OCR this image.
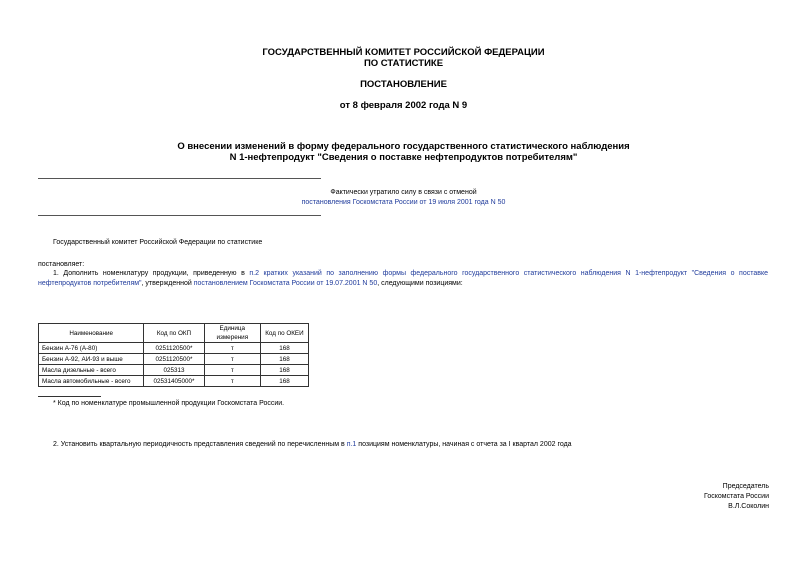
ГОСУДАРСТВЕННЫЙ КОМИТЕТ РОССИЙСКОЙ ФЕДЕРАЦИИ
ПО СТАТИСТИКЕ
ПОСТАНОВЛЕНИЕ
от 8 февраля 2002 года N 9
О внесении изменений в форму федерального государственного статистического наблюдения
N 1-нефтепродукт "Сведения о поставке нефтепродуктов потребителям"
Фактически утратило силу в связи с отменой
постановления Госкомстата России от 19 июля 2001 года N 50
Государственный комитет Российской Федерации по статистике
постановляет:
1. Дополнить номенклатуру продукции, приведенную в п.2 кратких указаний по заполнению формы федерального государственного статистического наблюдения N 1-нефтепродукт "Сведения о поставке нефтепродуктов потребителям", утвержденной постановлением Госкомстата России от 19.07.2001 N 50, следующими позициями:
Наименование	Код по ОКП	Единица измерения	Код по ОКЕИ
Бензин А-76 (А-80)	0251120500*	т	168
Бензин А-92, АИ-93 и выше	0251120500*	т	168
Масла дизельные - всего	025313	т	168
Масла автомобильные - всего	02531405000*	т	168
* Код по номенклатуре промышленной продукции Госкомстата России.
2. Установить квартальную периодичность представления сведений по перечисленным в п.1 позициям номенклатуры, начиная с отчета за I квартал 2002 года
Председатель
Госкомстата России
В.Л.Соколин
